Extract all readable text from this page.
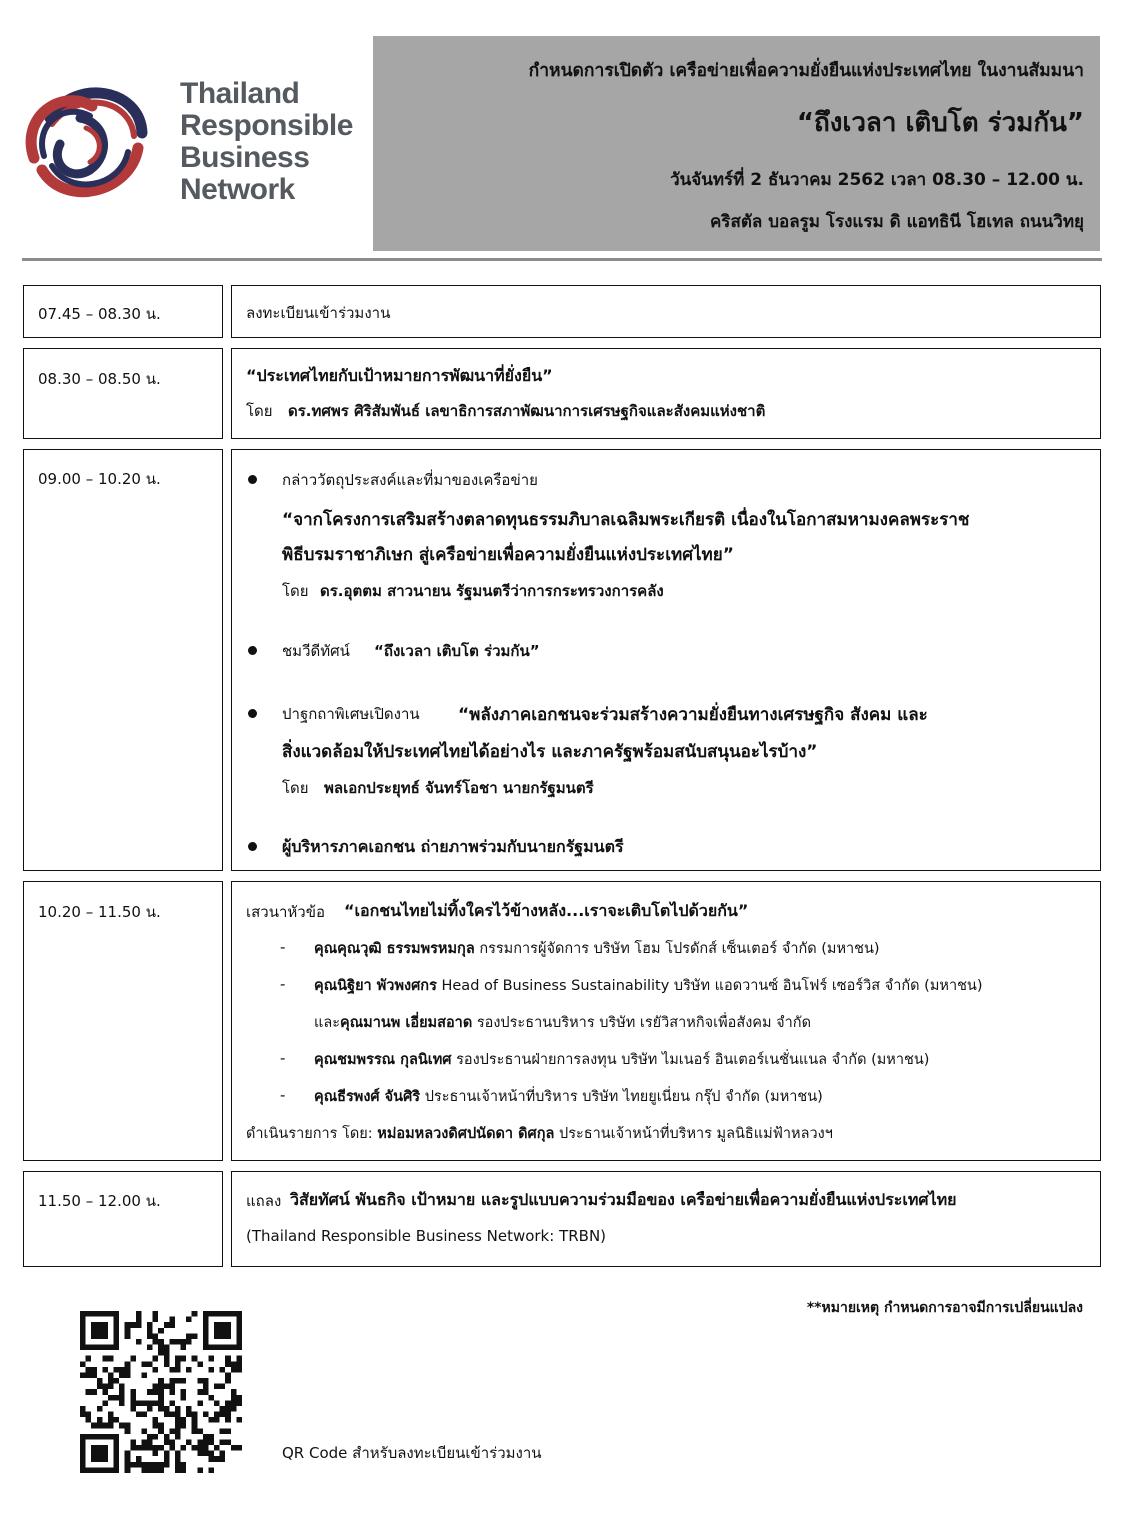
Thailand
Responsible
Business
Network
กำหนดการเปิดตัว เครือข่ายเพื่อความยั่งยืนแห่งประเทศไทย ในงานสัมมนา
“ถึงเวลา เติบโต ร่วมกัน”
วันจันทร์ที่ 2 ธันวาคม 2562 เวลา 08.30 – 12.00 น.
คริสตัล บอลรูม โรงแรม ดิ แอทธินี โฮเทล ถนนวิทยุ
07.45 – 08.30 น.	ลงทะเบียนเข้าร่วมงาน
08.30 – 08.50 น.	“ประเทศไทยกับเป้าหมายการพัฒนาที่ยั่งยืน”
โดย ดร.ทศพร ศิริสัมพันธ์ เลขาธิการสภาพัฒนาการเศรษฐกิจและสังคมแห่งชาติ
09.00 – 10.20 น.	กล่าววัตถุประสงค์และที่มาของเครือข่าย
“จากโครงการเสริมสร้างตลาดทุนธรรมภิบาลเฉลิมพระเกียรติ เนื่องในโอกาสมหามงคลพระราช
พิธีบรมราชาภิเษก สู่เครือข่ายเพื่อความยั่งยืนแห่งประเทศไทย”
โดย ดร.อุตตม สาวนายน รัฐมนตรีว่าการกระทรวงการคลัง
ชมวีดีทัศน์ “ถึงเวลา เติบโต ร่วมกัน”
ปาฐกถาพิเศษเปิดงาน “พลังภาคเอกชนจะร่วมสร้างความยั่งยืนทางเศรษฐกิจ สังคม และ
สิ่งแวดล้อมให้ประเทศไทยได้อย่างไร และภาครัฐพร้อมสนับสนุนอะไรบ้าง”
โดย พลเอกประยุทธ์ จันทร์โอชา นายกรัฐมนตรี
ผู้บริหารภาคเอกชน ถ่ายภาพร่วมกับนายกรัฐมนตรี
10.20 – 11.50 น.	เสวนาหัวข้อ “เอกชนไทยไม่ทิ้งใครไว้ข้างหลัง...เราจะเติบโตไปด้วยกัน”
- คุณคุณวุฒิ ธรรมพรหมกุล กรรมการผู้จัดการ บริษัท โฮม โปรดักส์ เซ็นเตอร์ จำกัด (มหาชน)
- คุณนิฐิยา พัวพงศกร Head of Business Sustainability บริษัท แอดวานซ์ อินโฟร์ เซอร์วิส จำกัด (มหาชน)
และคุณมานพ เอี่ยมสอาด รองประธานบริหาร บริษัท เรยัวิสาหกิจเพื่อสังคม จำกัด
- คุณชมพรรณ กุลนิเทศ รองประธานฝ่ายการลงทุน บริษัท ไมเนอร์ อินเตอร์เนชั่นแนล จำกัด (มหาชน)
- คุณธีรพงศ์ จันศิริ ประธานเจ้าหน้าที่บริหาร บริษัท ไทยยูเนี่ยน กรุ๊ป จำกัด (มหาชน)
ดำเนินรายการ โดย: หม่อมหลวงดิศปนัดดา ดิศกุล ประธานเจ้าหน้าที่บริหาร มูลนิธิแม่ฟ้าหลวงฯ
11.50 – 12.00 น.	แถลง วิสัยทัศน์ พันธกิจ เป้าหมาย และรูปแบบความร่วมมือของ เครือข่ายเพื่อความยั่งยืนแห่งประเทศไทย
(Thailand Responsible Business Network: TRBN)
**หมายเหตุ กำหนดการอาจมีการเปลี่ยนแปลง
QR Code สำหรับลงทะเบียนเข้าร่วมงาน
